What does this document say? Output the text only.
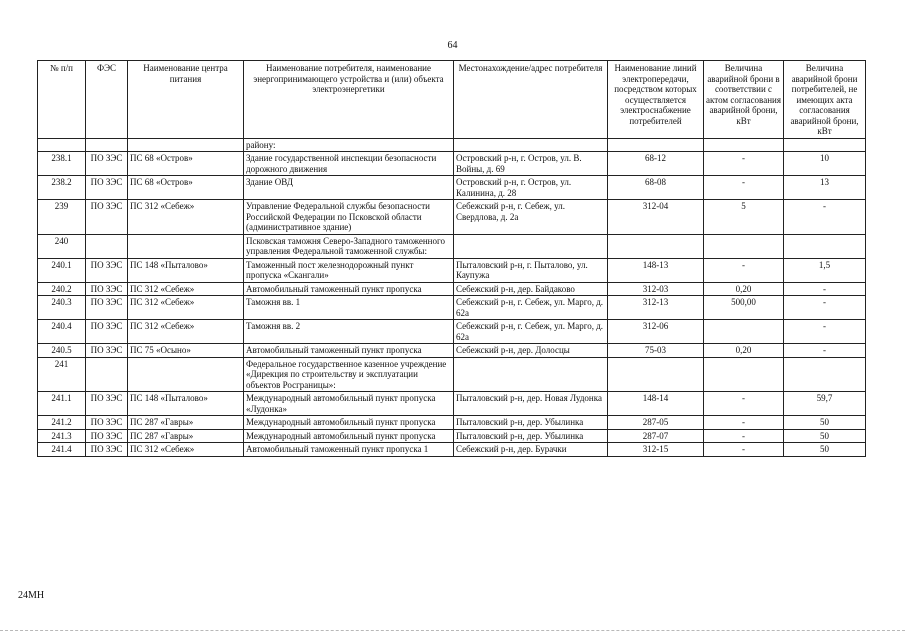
64
№ п/п	ФЭС	Наименование центра питания	Наименование потребителя, наименование энергопринимающего устройства и (или) объекта электроэнергетики	Местонахождение/адрес потребителя	Наименование линий электропередачи, посредством которых осуществляется электроснабжение потребителей	Величина аварийной брони в соответствии с актом согласования аварийной брони, кВт	Величина аварийной брони потребителей, не имеющих акта согласования аварийной брони, кВт
			району:				
238.1	ПО ЗЭС	ПС 68 «Остров»	Здание государственной инспекции безопасности дорожного движения	Островский р-н, г. Остров, ул. В. Войны, д. 69	68-12	-	10
238.2	ПО ЗЭС	ПС 68 «Остров»	Здание ОВД	Островский р-н, г. Остров, ул. Калинина, д. 28	68-08	-	13
239	ПО ЗЭС	ПС 312 «Себеж»	Управление Федеральной службы безопасности Российской Федерации по Псковской области (административное здание)	Себежский р-н, г. Себеж, ул. Свердлова, д. 2а	312-04	5	-
240			Псковская таможня Северо-Западного таможенного управления Федеральной таможенной службы:				
240.1	ПО ЗЭС	ПС 148 «Пыталово»	Таможенный пост железнодорожный пункт пропуска «Скангали»	Пыталовский р-н, г. Пыталово, ул. Каупужа	148-13	-	1,5
240.2	ПО ЗЭС	ПС 312 «Себеж»	Автомобильный таможенный пункт пропуска	Себежский р-н, дер. Байдаково	312-03	0,20	-
240.3	ПО ЗЭС	ПС 312 «Себеж»	Таможня вв. 1	Себежский р-н, г. Себеж, ул. Марго, д. 62а	312-13	500,00	-
240.4	ПО ЗЭС	ПС 312 «Себеж»	Таможня вв. 2	Себежский р-н, г. Себеж, ул. Марго, д. 62а	312-06		-
240.5	ПО ЗЭС	ПС 75 «Осыно»	Автомобильный таможенный пункт пропуска	Себежский р-н, дер. Долосцы	75-03	0,20	-
241			Федеральное государственное казенное учреждение «Дирекция по строительству и эксплуатации объектов Росграницы»:				
241.1	ПО ЗЭС	ПС 148 «Пыталово»	Международный автомобильный пункт пропуска «Лудонка»	Пыталовский р-н, дер. Новая Лудонка	148-14	-	59,7
241.2	ПО ЗЭС	ПС 287 «Гавры»	Международный автомобильный пункт пропуска	Пыталовский р-н, дер. Убылинка	287-05	-	50
241.3	ПО ЗЭС	ПС 287 «Гавры»	Международный автомобильный пункт пропуска	Пыталовский р-н, дер. Убылинка	287-07	-	50
241.4	ПО ЗЭС	ПС 312 «Себеж»	Автомобильный таможенный пункт пропуска 1	Себежский р-н, дер. Бурачки	312-15	-	50
24МН
